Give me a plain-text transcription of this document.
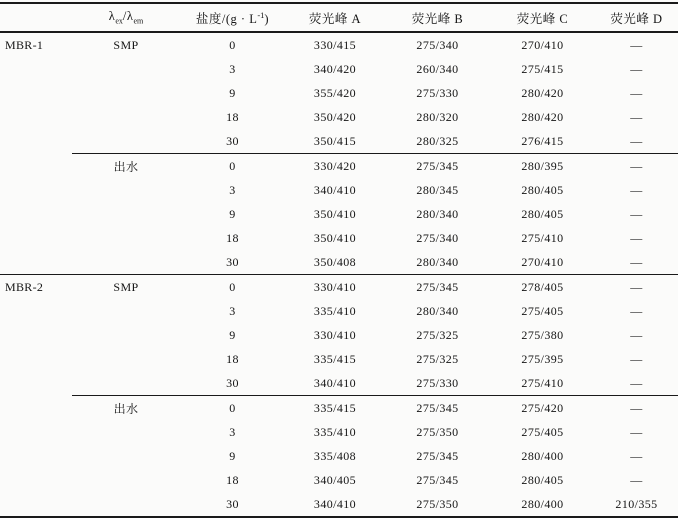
	$\lambda_{ex}/\lambda_{em}$	盐度$/(g \cdot L^{-1})$	荧光峰 A	荧光峰 B	荧光峰 C	荧光峰 D
MBR-1	SMP	0	330/415	275/340	270/410	—
		3	340/420	260/340	275/415	—
		9	355/420	275/330	280/420	—
		18	350/420	280/320	280/420	—
		30	350/415	280/325	276/415	—
	出水	0	330/420	275/345	280/395	—
		3	340/410	280/345	280/405	—
		9	350/410	280/340	280/405	—
		18	350/410	275/340	275/410	—
		30	350/408	280/340	270/410	—
MBR-2	SMP	0	330/410	275/345	278/405	—
		3	335/410	280/340	275/405	—
		9	330/410	275/325	275/380	—
		18	335/415	275/325	275/395	—
		30	340/410	275/330	275/410	—
	出水	0	335/415	275/345	275/420	—
		3	335/410	275/350	275/405	—
		9	335/408	275/345	280/400	—
		18	340/405	275/345	280/405	—
		30	340/410	275/350	280/400	210/355
